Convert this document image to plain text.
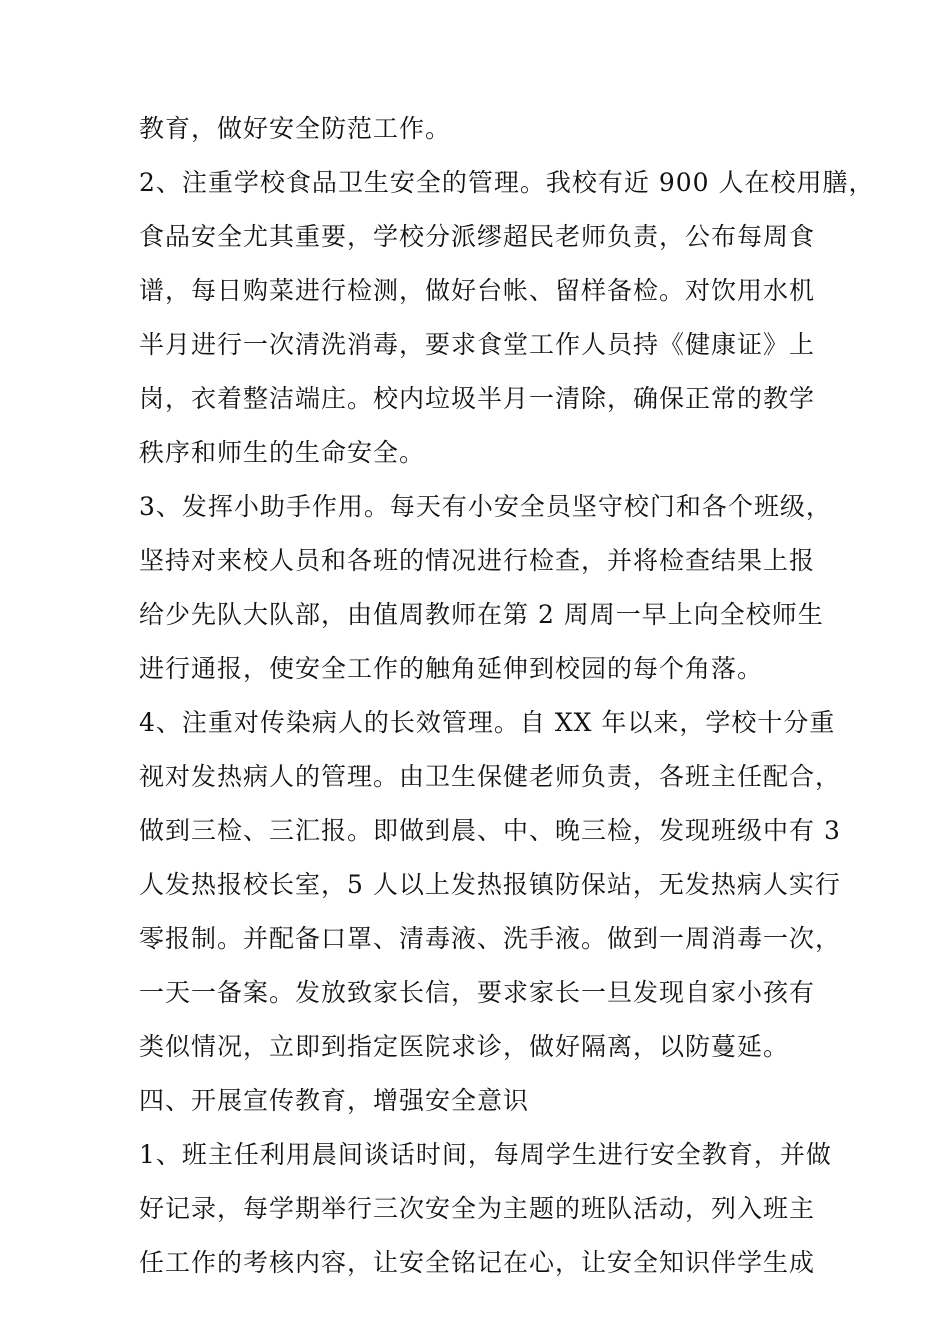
教育，做好安全防范工作。
2、注重学校食品卫生安全的管理。我校有近 900 人在校用膳，
食品安全尤其重要，学校分派缪超民老师负责，公布每周食
谱，每日购菜进行检测，做好台帐、留样备检。对饮用水机
半月进行一次清洗消毒，要求食堂工作人员持《健康证》上
岗，衣着整洁端庄。校内垃圾半月一清除，确保正常的教学
秩序和师生的生命安全。
3、发挥小助手作用。每天有小安全员坚守校门和各个班级，
坚持对来校人员和各班的情况进行检查，并将检查结果上报
给少先队大队部，由值周教师在第 2 周周一早上向全校师生
进行通报，使安全工作的触角延伸到校园的每个角落。
4、注重对传染病人的长效管理。自 XX 年以来，学校十分重
视对发热病人的管理。由卫生保健老师负责，各班主任配合，
做到三检、三汇报。即做到晨、中、晚三检，发现班级中有 3
人发热报校长室，5 人以上发热报镇防保站，无发热病人实行
零报制。并配备口罩、清毒液、洗手液。做到一周消毒一次，
一天一备案。发放致家长信，要求家长一旦发现自家小孩有
类似情况，立即到指定医院求诊，做好隔离，以防蔓延。
四、开展宣传教育，增强安全意识
1、班主任利用晨间谈话时间，每周学生进行安全教育，并做
好记录，每学期举行三次安全为主题的班队活动，列入班主
任工作的考核内容，让安全铭记在心，让安全知识伴学生成
